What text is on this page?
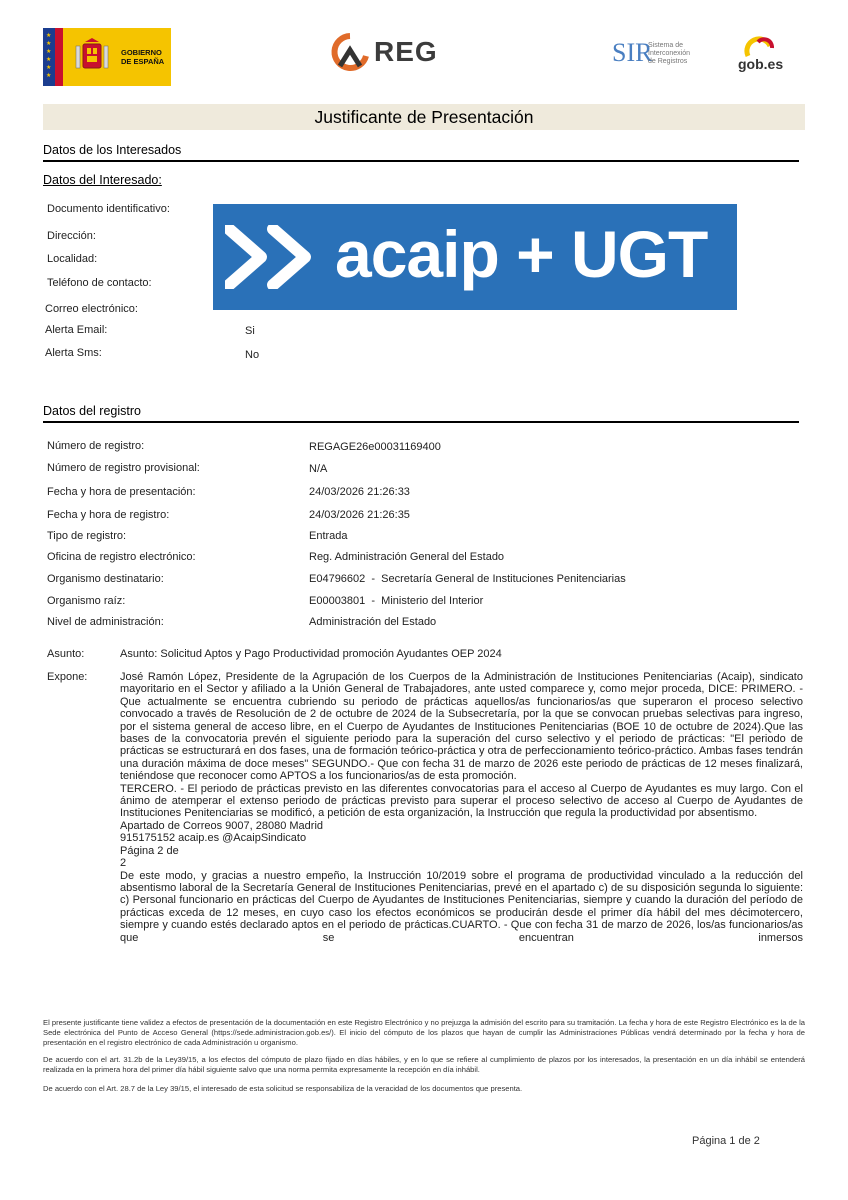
★
★
★
★
★
★
GOBIERNO
DE ESPAÑA	REG	SIR
Sistema de
Interconexión
de Registros	gob.es
Justificante de Presentación
Datos de los Interesados
Datos del Interesado:
Documento identificativo:
Dirección:
Localidad:
Teléfono de contacto:
Correo electrónico:
Alerta Email:	Si
Alerta Sms:	No
acaip + UGT
Datos del registro
Número de registro:	REGAGE26e00031169400
Número de registro provisional:	N/A
Fecha y hora de presentación:	24/03/2026 21:26:33
Fecha y hora de registro:	24/03/2026 21:26:35
Tipo de registro:	Entrada
Oficina de registro electrónico:	Reg. Administración General del Estado
Organismo destinatario:	E04796602  -  Secretaría General de Instituciones Penitenciarias
Organismo raíz:	E00003801  -  Ministerio del Interior
Nivel de administración:	Administración del Estado
Asunto:	Asunto: Solicitud Aptos y Pago Productividad promoción Ayudantes OEP 2024
Expone:	José Ramón López, Presidente de la Agrupación de los Cuerpos de la Administración de Instituciones Penitenciarias (Acaip), sindicato mayoritario en el Sector y afiliado a la Unión General de Trabajadores, ante usted comparece y, como mejor proceda, DICE: PRIMERO. - Que actualmente se encuentra cubriendo su periodo de prácticas aquellos/as funcionarios/as que superaron el proceso selectivo convocado a través de Resolución de 2 de octubre de 2024 de la Subsecretaría, por la que se convocan pruebas selectivas para ingreso, por el sistema general de acceso libre, en el Cuerpo de Ayudantes de Instituciones Penitenciarias (BOE 10 de octubre de 2024).Que las bases de la convocatoria prevén el siguiente periodo para la superación del curso selectivo y el periodo de prácticas: "El periodo de prácticas se estructurará en dos fases, una de formación teórico-práctica y otra de perfeccionamiento teórico-práctico. Ambas fases tendrán una duración máxima de doce meses" SEGUNDO.- Que con fecha 31 de marzo de 2026 este periodo de prácticas de 12 meses finalizará, teniéndose que reconocer como APTOS a los funcionarios/as de esta promoción.
TERCERO. - El periodo de prácticas previsto en las diferentes convocatorias para el acceso al Cuerpo de Ayudantes es muy largo. Con el ánimo de atemperar el extenso periodo de prácticas previsto para superar el proceso selectivo de acceso al Cuerpo de Ayudantes de Instituciones Penitenciarias se modificó, a petición de esta organización, la Instrucción que regula la productividad por absentismo.
Apartado de Correos 9007, 28080 Madrid
915175152 acaip.es @AcaipSindicato
Página 2 de
2
De este modo, y gracias a nuestro empeño, la Instrucción 10/2019 sobre el programa de productividad vinculado a la reducción del absentismo laboral de la Secretaría General de Instituciones Penitenciarias, prevé en el apartado c) de su disposición segunda lo siguiente: c) Personal funcionario en prácticas del Cuerpo de Ayudantes de Instituciones Penitenciarias, siempre y cuando la duración del período de prácticas exceda de 12 meses, en cuyo caso los efectos económicos se producirán desde el primer día hábil del mes décimotercero, siempre y cuando estés declarado aptos en el periodo de prácticas.CUARTO. - Que con fecha 31 de marzo de 2026, los/as funcionarios/as que se encuentran inmersos
El presente justificante tiene validez a efectos de presentación de la documentación en este Registro Electrónico y no prejuzga la admisión del escrito para su tramitación. La fecha y hora de este Registro Electrónico es la de la Sede electrónica del Punto de Acceso General (https://sede.administracion.gob.es/). El inicio del cómputo de los plazos que hayan de cumplir las Administraciones Públicas vendrá determinado por la fecha y hora de presentación en el registro electrónico de cada Administración u organismo.
De acuerdo con el art. 31.2b de la Ley39/15, a los efectos del cómputo de plazo fijado en días hábiles, y en lo que se refiere al cumplimiento de plazos por los interesados, la presentación en un día inhábil se entenderá realizada en la primera hora del primer día hábil siguiente salvo que una norma permita expresamente la recepción en día inhábil.
De acuerdo con el Art. 28.7 de la Ley 39/15, el interesado de esta solicitud se responsabiliza de la veracidad de los documentos que presenta.
Página 1 de 2
